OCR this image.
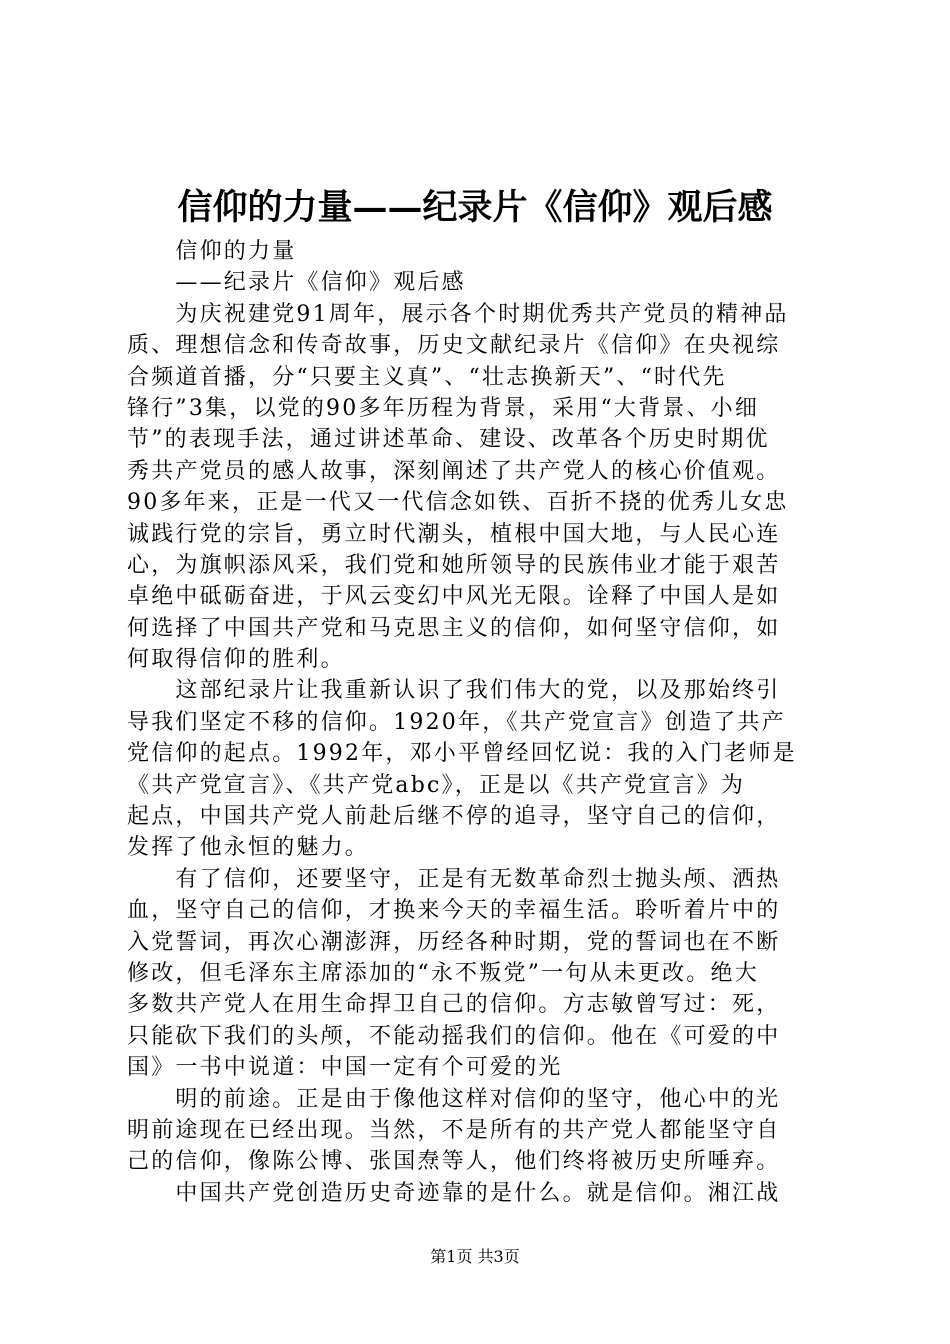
信仰的力量——纪录片《信仰》观后感
　　信仰的力量
　　——纪录片《信仰》观后感
　　为庆祝建党91周年，展示各个时期优秀共产党员的精神品
质、理想信念和传奇故事，历史文献纪录片《信仰》在央视综
合频道首播，分“只要主义真”、“壮志换新天”、“时代先
锋行”3集，以党的90多年历程为背景，采用“大背景、小细
节”的表现手法，通过讲述革命、建设、改革各个历史时期优
秀共产党员的感人故事，深刻阐述了共产党人的核心价值观。
90多年来，正是一代又一代信念如铁、百折不挠的优秀儿女忠
诚践行党的宗旨，勇立时代潮头，植根中国大地，与人民心连
心，为旗帜添风采，我们党和她所领导的民族伟业才能于艰苦
卓绝中砥砺奋进，于风云变幻中风光无限。诠释了中国人是如
何选择了中国共产党和马克思主义的信仰，如何坚守信仰，如
何取得信仰的胜利。
　　这部纪录片让我重新认识了我们伟大的党，以及那始终引
导我们坚定不移的信仰。1920年，《共产党宣言》创造了共产
党信仰的起点。1992年，邓小平曾经回忆说：我的入门老师是
《共产党宣言》、《共产党abc》，正是以《共产党宣言》为
起点，中国共产党人前赴后继不停的追寻，坚守自己的信仰，
发挥了他永恒的魅力。
　　有了信仰，还要坚守，正是有无数革命烈士抛头颅、洒热
血，坚守自己的信仰，才换来今天的幸福生活。聆听着片中的
入党誓词，再次心潮澎湃，历经各种时期，党的誓词也在不断
修改，但毛泽东主席添加的“永不叛党”一句从未更改。绝大
多数共产党人在用生命捍卫自己的信仰。方志敏曾写过：死，
只能砍下我们的头颅，不能动摇我们的信仰。他在《可爱的中
国》一书中说道：中国一定有个可爱的光
　　明的前途。正是由于像他这样对信仰的坚守，他心中的光
明前途现在已经出现。当然，不是所有的共产党人都能坚守自
己的信仰，像陈公博、张国焘等人，他们终将被历史所唾弃。
　　中国共产党创造历史奇迹靠的是什么。就是信仰。湘江战
第1页 共3页
